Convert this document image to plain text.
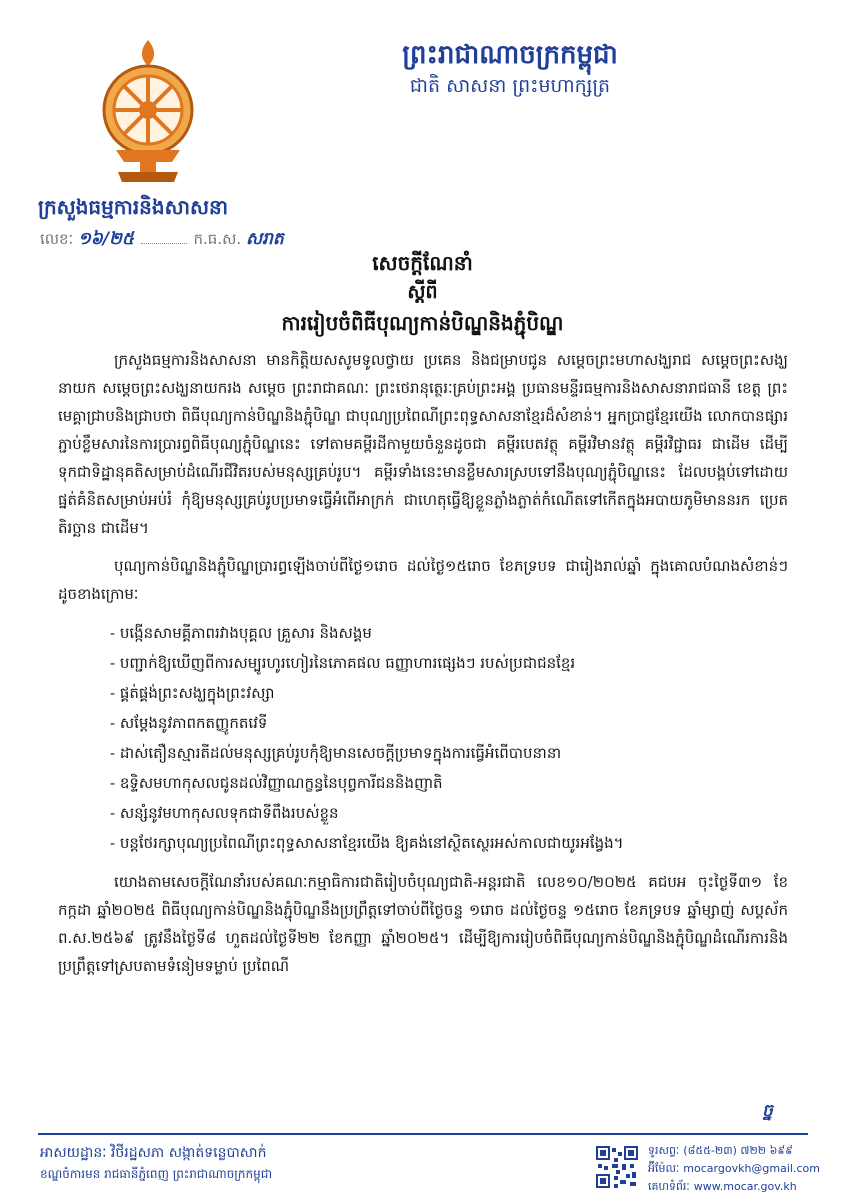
ព្រះរាជាណាចក្រកម្ពុជា
ជាតិ សាសនា ព្រះមហាក្សត្រ
ក្រសួងធម្មការនិងសាសនា
លេខៈ ១៦/២៥	ក.ធ.ស. សរាត
សេចក្ដីណែនាំ
ស្ដីពី
ការរៀបចំពិធីបុណ្យកាន់បិណ្ឌនិងភ្ជុំបិណ្ឌ

ក្រសួងធម្មការនិងសាសនា មានកិត្តិយសសូមទូលថ្វាយ ប្រគេន និងជម្រាបជូន សម្ដេចព្រះមហាសង្ឃរាជ សម្ដេចព្រះសង្ឃនាយក សម្ដេចព្រះសង្ឃនាយករង សម្ដេច ព្រះរាជាគណៈ ព្រះថេរានុត្ថេរៈគ្រប់ព្រះអង្គ ប្រធានមន្ទីរធម្មការនិងសាសនារាជធានី ខេត្ត ព្រះមេគ្គាជ្រាបនិងជ្រាបថា ពិធីបុណ្យកាន់បិណ្ឌនិងភ្ជុំបិណ្ឌ ជាបុណ្យប្រពៃណីព្រះពុទ្ធសាសនាខ្មែរដ៏សំខាន់។ អ្នកប្រាជ្ញខ្មែរយើង លោកបានផ្សារភ្ជាប់ខ្លឹមសារនៃការប្រារព្ធពិធីបុណ្យភ្ជុំបិណ្ឌនេះ ទៅតាមគម្ពីរដីកាមួយចំនួនដូចជា គម្ពីរបេតវត្ថុ គម្ពីរវិមានវត្ថុ គម្ពីរវិជ្ជាធរ ជាដើម ដើម្បីទុកជាទិដ្ឋានុគតិសម្រាប់ដំណើរជីវិតរបស់មនុស្សគ្រប់រូប។ គម្ពីរទាំងនេះមានខ្លឹមសារស្របទៅនឹងបុណ្យភ្ជុំបិណ្ឌនេះ ដែលបង្កប់ទៅដោយផ្នត់គំនិតសម្រាប់អប់រំ កុំឱ្យមនុស្សគ្រប់រូបប្រមាទធ្វើអំពើអាក្រក់ ជាហេតុធ្វើឱ្យខ្លួនភ្លាំងភ្លាត់កំណើតទៅកើតក្នុងអបាយភូមិមាននរក ប្រេត តិរច្ឆាន ជាដើម។

បុណ្យកាន់បិណ្ឌនិងភ្ជុំបិណ្ឌប្រារព្ធឡើងចាប់ពីថ្ងៃ១រោច ដល់ថ្ងៃ១៥រោច ខែភទ្របទ ជារៀងរាល់ឆ្នាំ ក្នុងគោលបំណងសំខាន់ៗ ដូចខាងក្រោមៈ

- បង្កើនសាមគ្គីភាពរវាងបុគ្គល គ្រួសារ និងសង្គម
- បញ្ជាក់ឱ្យឃើញពីការសម្បូរហូរហៀរនៃភោគផល ធញ្ញាហារផ្សេងៗ របស់ប្រជាជនខ្មែរ
- ផ្គត់ផ្គង់ព្រះសង្ឃក្នុងព្រះវស្សា
- សម្ដែងនូវភាពកតញ្ញូកតវេទី
- ដាស់តឿនស្មារតីដល់មនុស្សគ្រប់រូបកុំឱ្យមានសេចក្ដីប្រមាទក្នុងការធ្វើអំពើបាបនានា
- ឧទ្ទិសមហាកុសលជូនដល់វិញ្ញាណក្ខន្ធនៃបុព្វការីជននិងញាតិ
- សន្សំនូវមហាកុសលទុកជាទីពឹងរបស់ខ្លួន
- បន្តថែរក្សាបុណ្យប្រពៃណីព្រះពុទ្ធសាសនាខ្មែរយើង ឱ្យគង់នៅស្ថិតស្ថេរអស់កាលជាយូរអង្វែង។

យោងតាមសេចក្ដីណែនាំរបស់គណៈកម្មាធិការជាតិរៀបចំបុណ្យជាតិ-អន្តរជាតិ លេខ១០/២០២៥ គជបអ ចុះថ្ងៃទី៣១ ខែកក្កដា ឆ្នាំ២០២៥ ពិធីបុណ្យកាន់បិណ្ឌនិងភ្ជុំបិណ្ឌនឹងប្រព្រឹត្តទៅចាប់ពីថ្ងៃចន្ទ ១រោច ដល់ថ្ងៃចន្ទ ១៥រោច ខែភទ្របទ ឆ្នាំម្សាញ់ សប្តស័ក ព.ស.២៥៦៩ ត្រូវនឹងថ្ងៃទី៨ ហួតដល់ថ្ងៃទី២២ ខែកញ្ញា ឆ្នាំ២០២៥។ ដើម្បីឱ្យការរៀបចំពិធីបុណ្យកាន់បិណ្ឌនិងភ្ជុំបិណ្ឌដំណើរការនិងប្រព្រឹត្តទៅស្របតាមទំនៀមទម្លាប់ ប្រពៃណី

ច្ន
អាសយដ្ឋានៈ វិថីរដ្ឋសភា សង្កាត់ទន្លេបាសាក់
ខណ្ឌចំការមន រាជធានីភ្នំពេញ ព្រះរាជាណាចក្រកម្ពុជា
ទូរសព្ទៈ (៨៥៥-២៣) ៧២២ ៦៩៩
អ៊ីម៉ែលៈ mocargovkh@gmail.com
គេហទំព័រៈ www.mocar.gov.kh
